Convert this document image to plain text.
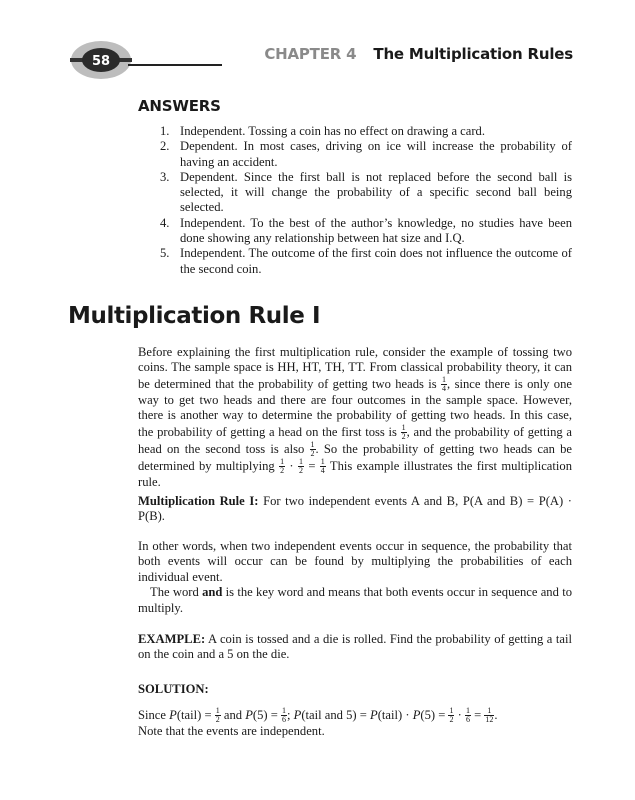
58	CHAPTER 4 The Multiplication Rules
ANSWERS
1. Independent. Tossing a coin has no effect on drawing a card.
2. Dependent. In most cases, driving on ice will increase the probability of having an accident.
3. Dependent. Since the first ball is not replaced before the second ball is selected, it will change the probability of a specific second ball being selected.
4. Independent. To the best of the author’s knowledge, no studies have been done showing any relationship between hat size and I.Q.
5. Independent. The outcome of the first coin does not influence the outcome of the second coin.
Multiplication Rule I

Before explaining the first multiplication rule, consider the example of tossing two coins. The sample space is HH, HT, TH, TT. From classical probability theory, it can be determined that the probability of getting two heads is $\frac{1}{4}$ , since there is only one way to get two heads and there are four outcomes in the sample space. However, there is another way to determine the probability of getting two heads. In this case, the probability of getting a head on the first toss is $\frac{1}{2}$ , and the probability of getting a head on the second toss is also $\frac{1}{2}$ . So the probability of getting two heads can be determined by multiplying $\frac{1}{2} \cdot \frac{1}{2} = \frac{1}{4}$ This example illustrates the first multiplication rule.

Multiplication Rule I: For two independent events A and B, P(A and B) = P(A) · P(B).

In other words, when two independent events occur in sequence, the probability that both events will occur can be found by multiplying the probabilities of each individual event.

The word and is the key word and means that both events occur in sequence and to multiply.

EXAMPLE: A coin is tossed and a die is rolled. Find the probability of getting a tail on the coin and a 5 on the die.

SOLUTION:

Since P(tail) = $\frac{1}{2}$ and $P(5) = \frac{1}{6}$ ; P(tail and 5) = P(tail) · $P(5) = \frac{1}{2} \cdot \frac{1}{6} = \frac{1}{12}$ .

Note that the events are independent.
